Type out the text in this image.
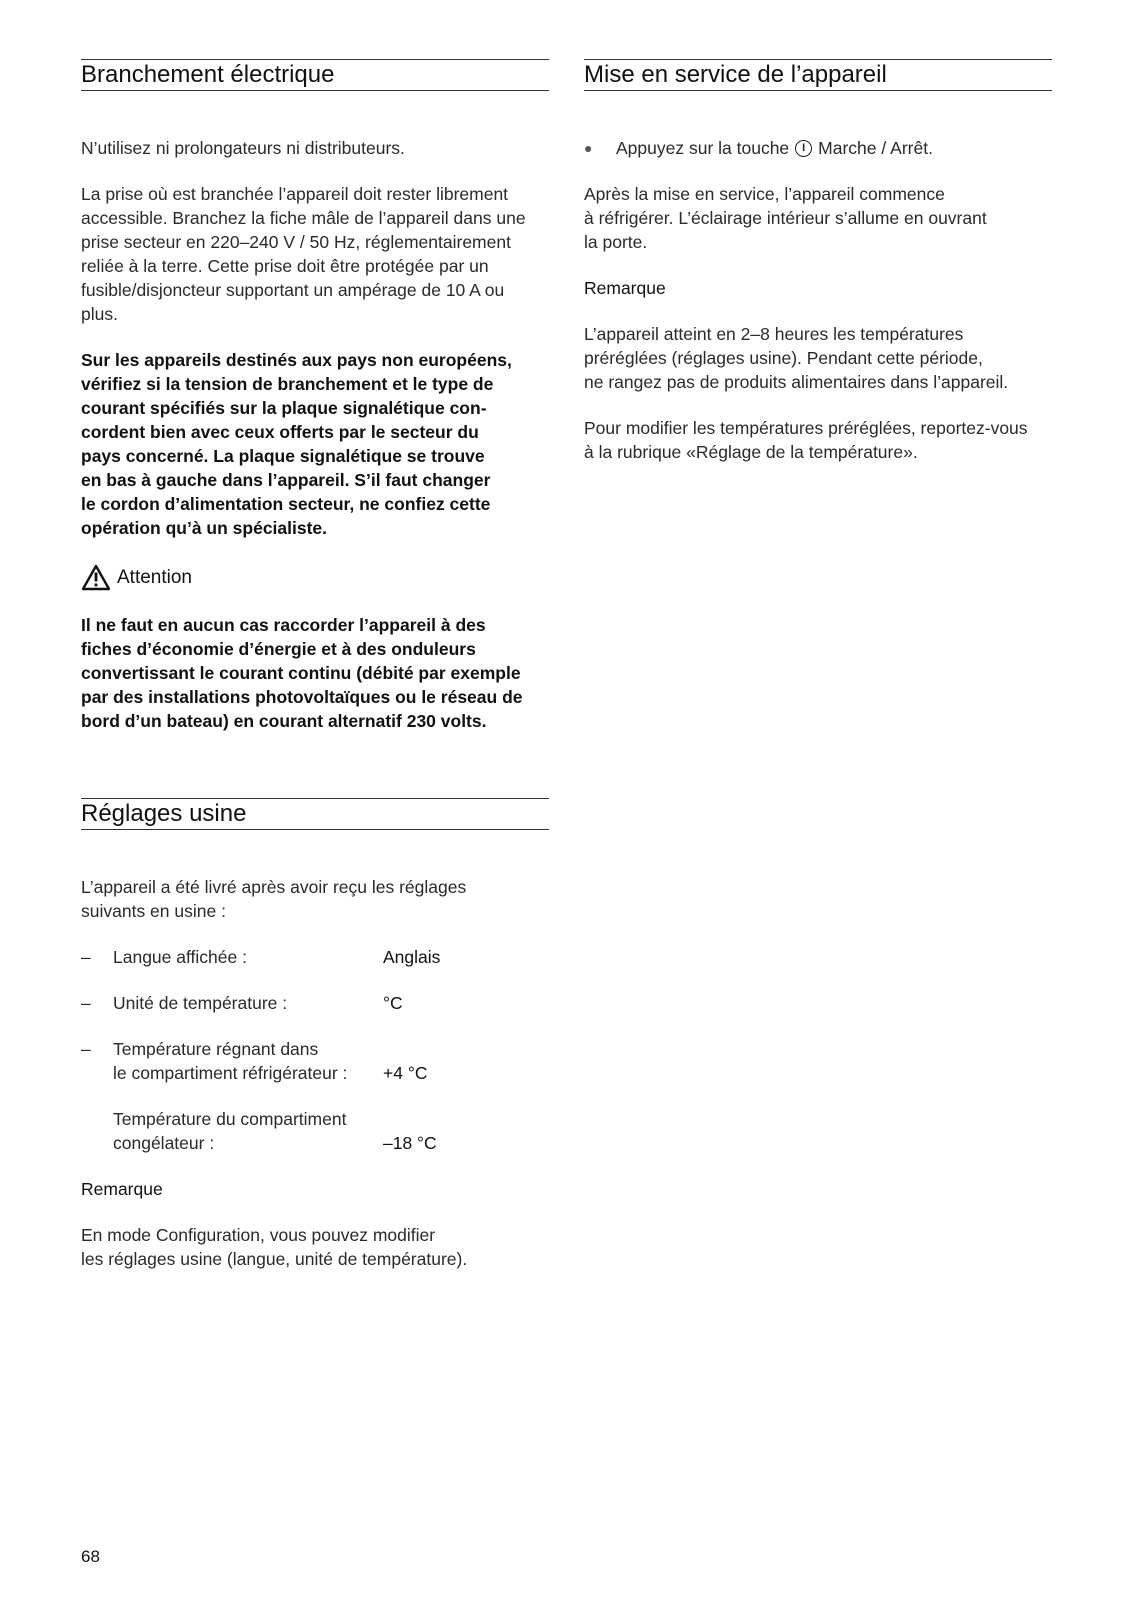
Branchement électrique

N’utilisez ni prolongateurs ni distributeurs.

La prise où est branchée l’appareil doit rester librement
accessible. Branchez la fiche mâle de l’appareil dans une
prise secteur en 220–240 V / 50 Hz, réglementairement
reliée à la terre. Cette prise doit être protégée par un
fusible/disjoncteur supportant un ampérage de 10 A ou
plus.

Sur les appareils destinés aux pays non européens,
vérifiez si la tension de branchement et le type de
courant spécifiés sur la plaque signalétique con-
cordent bien avec ceux offerts par le secteur du
pays concerné. La plaque signalétique se trouve
en bas à gauche dans l’appareil. S’il faut changer
le cordon d’alimentation secteur, ne confiez cette
opération qu’à un spécialiste.

Attention

Il ne faut en aucun cas raccorder l’appareil à des
fiches d’économie d’énergie et à des onduleurs
convertissant le courant continu (débité par exemple
par des installations photovoltaïques ou le réseau de
bord d’un bateau) en courant alternatif 230 volts.

Réglages usine

L’appareil a été livré après avoir reçu les réglages
suivants en usine :

–	Langue affichée :	Anglais
–	Unité de température :	°C
–	Température régnant dans
le compartiment réfrigérateur :	+4 °C
Température du compartiment
congélateur :	–18 °C

Remarque

En mode Configuration, vous pouvez modifier
les réglages usine (langue, unité de température).

Mise en service de l’appareil
●	Appuyez sur la touche	I Marche / Arrêt.

Après la mise en service, l’appareil commence
à réfrigérer. L’éclairage intérieur s’allume en ouvrant
la porte.

Remarque

L’appareil atteint en 2–8 heures les températures
préréglées (réglages usine). Pendant cette période,
ne rangez pas de produits alimentaires dans l’appareil.

Pour modifier les températures préréglées, reportez-vous
à la rubrique «Réglage de la température».

68
